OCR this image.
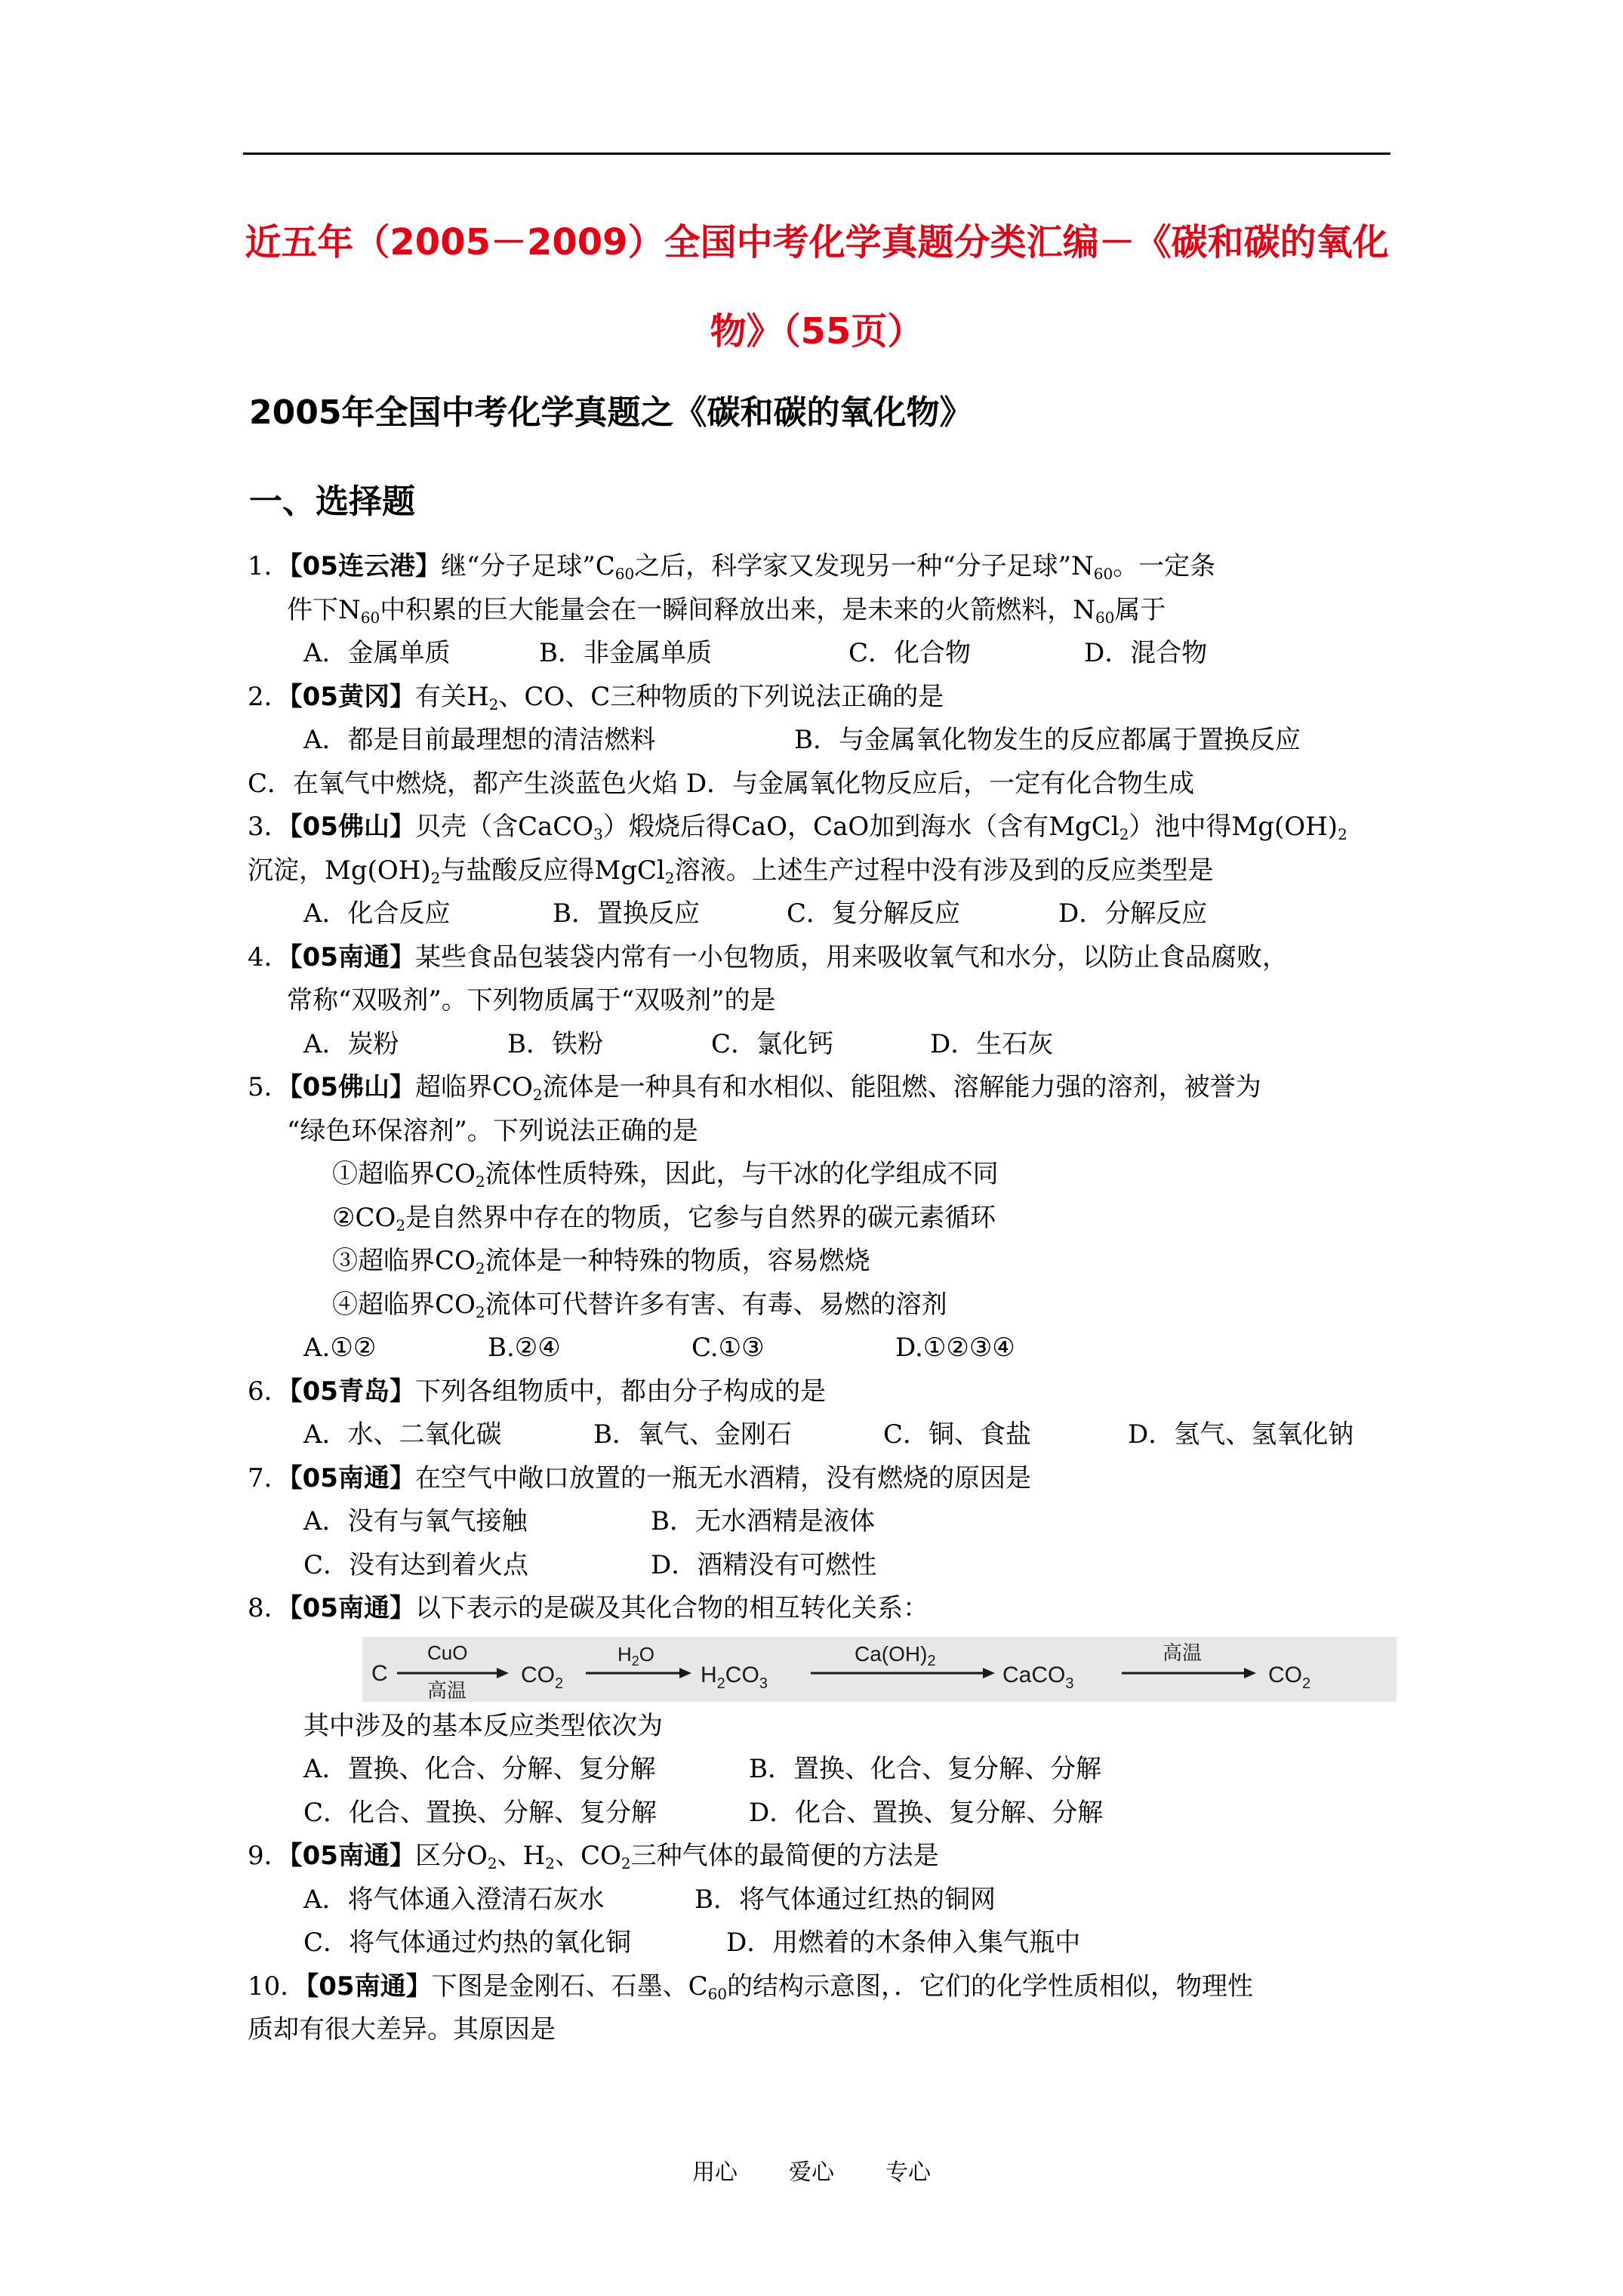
近五年（2005－2009）全国中考化学真题分类汇编－《碳和碳的氧化
物》（55页）
2005年全国中考化学真题之《碳和碳的氧化物》
一、选择题
1．【05连云港】继“分子足球$”C_{60}$之后，科学家又发现另一种“分子足球$”N_{60}$。一定条
件下$N_{60}$中积累的巨大能量会在一瞬间释放出来，是未来的火箭燃料，$N_{60}$属于
A．金属单质	B．非金属单质	C．化合物	D．混合物
2．【05黄冈】有关$H_2$、CO、C三种物质的下列说法正确的是
A．都是目前最理想的清洁燃料	B．与金属氧化物发生的反应都属于置换反应
C．在氧气中燃烧，都产生淡蓝色火焰 D．与金属氧化物反应后，一定有化合物生成
3．【05佛山】贝壳（含CaCO$_3$）煅烧后得CaO，CaO加到海水（含有MgCl$_2$）池中得$Mg(OH)_2$
沉淀，$Mg(OH)_2$与盐酸反应得MgCl$_2$溶液。上述生产过程中没有涉及到的反应类型是
A．化合反应	B．置换反应	C．复分解反应	D．分解反应
4．【05南通】某些食品包装袋内常有一小包物质，用来吸收氧气和水分，以防止食品腐败，
常称“双吸剂”。下列物质属于“双吸剂”的是
A．炭粉	B．铁粉	C．氯化钙	D．生石灰
5．【05佛山】超临界$CO_2$流体是一种具有和水相似、能阻燃、溶解能力强的溶剂，被誉为
“绿色环保溶剂”。下列说法正确的是
①超临界$CO_2$流体性质特殊，因此，与干冰的化学组成不同
$②CO_2$是自然界中存在的物质，它参与自然界的碳元素循环
③超临界$CO_2$流体是一种特殊的物质，容易燃烧
④超临界$CO_2$流体可代替许多有害、有毒、易燃的溶剂
A.①②	B.②④	C.①③	D.①②③④
6．【05青岛】下列各组物质中，都由分子构成的是
A．水、二氧化碳	B．氧气、金刚石	C．铜、食盐	D．氢气、氢氧化钠
7．【05南通】在空气中敞口放置的一瓶无水酒精，没有燃烧的原因是
A．没有与氧气接触	B．无水酒精是液体
C．没有达到着火点	D．酒精没有可燃性
8．【05南通】以下表示的是碳及其化合物的相互转化关系：
C
CuO
高温
$CO_2$
$H_2O$
$H_2CO_3$
$Ca(OH)_2$
CaCO$_3$
高温
$CO_2$
其中涉及的基本反应类型依次为
A．置换、化合、分解、复分解	B．置换、化合、复分解、分解
C．化合、置换、分解、复分解	D．化合、置换、复分解、分解
9．【05南通】区分$O_2$、$H_2$、$CO_2$三种气体的最简便的方法是
A．将气体通入澄清石灰水	B．将气体通过红热的铜网
C．将气体通过灼热的氧化铜	D．用燃着的木条伸入集气瓶中
10．【05南通】下图是金刚石、石墨、$C_{60}$的结构示意图，．它们的化学性质相似，物理性
质却有很大差异。其原因是
用心 爱心 专心
